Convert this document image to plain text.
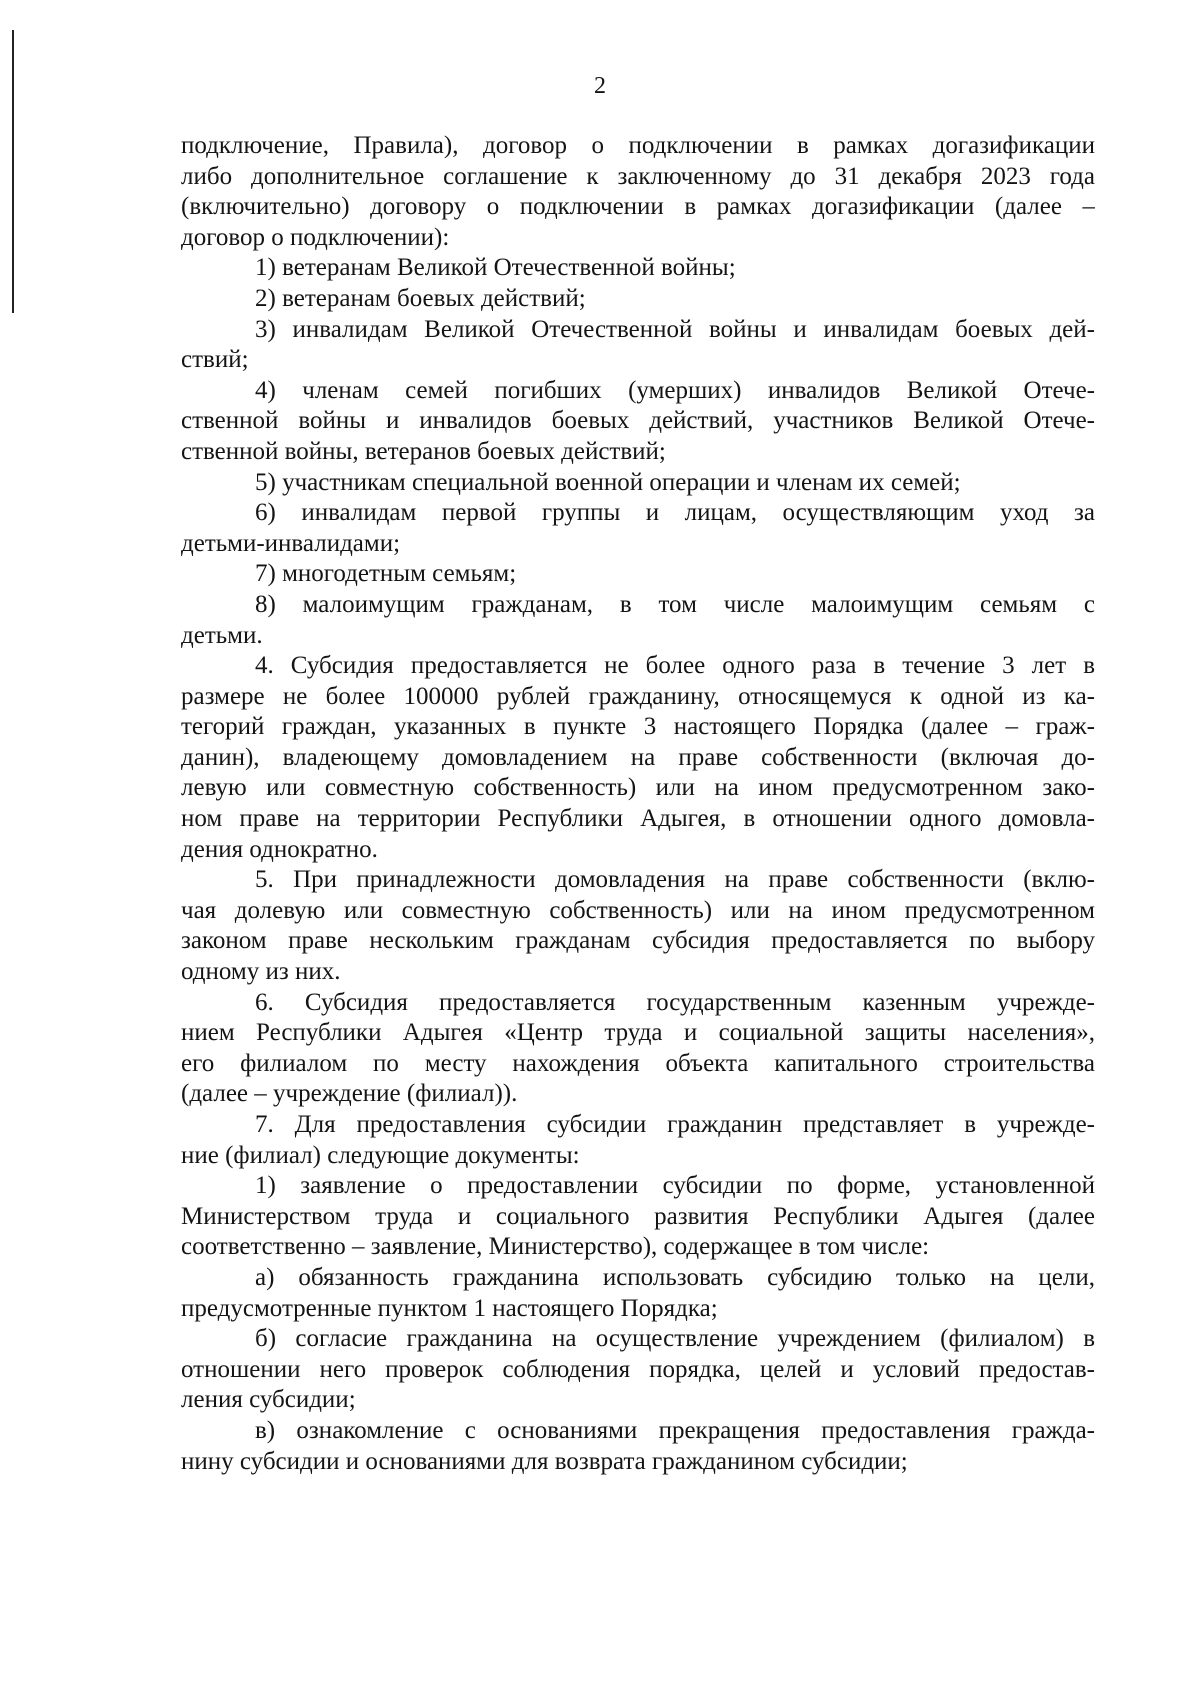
2
подключение, Правила), договор о подключении в рамках догазификации
либо дополнительное соглашение к заключенному до 31 декабря 2023 года
(включительно) договору о подключении в рамках догазификации (далее –
договор о подключении):
1) ветеранам Великой Отечественной войны;
2) ветеранам боевых действий;
3) инвалидам Великой Отечественной войны и инвалидам боевых дей-
ствий;
4) членам семей погибших (умерших) инвалидов Великой Отече-
ственной войны и инвалидов боевых действий, участников Великой Отече-
ственной войны, ветеранов боевых действий;
5) участникам специальной военной операции и членам их семей;
6) инвалидам первой группы и лицам, осуществляющим уход за
детьми-инвалидами;
7) многодетным семьям;
8) малоимущим гражданам, в том числе малоимущим семьям с
детьми.
4. Субсидия предоставляется не более одного раза в течение 3 лет в
размере не более 100000 рублей гражданину, относящемуся к одной из ка-
тегорий граждан, указанных в пункте 3 настоящего Порядка (далее – граж-
данин), владеющему домовладением на праве собственности (включая до-
левую или совместную собственность) или на ином предусмотренном зако-
ном праве на территории Республики Адыгея, в отношении одного домовла-
дения однократно.
5. При принадлежности домовладения на праве собственности (вклю-
чая долевую или совместную собственность) или на ином предусмотренном
законом праве нескольким гражданам субсидия предоставляется по выбору
одному из них.
6. Субсидия предоставляется государственным казенным учрежде-
нием Республики Адыгея «Центр труда и социальной защиты населения»,
его филиалом по месту нахождения объекта капитального строительства
(далее – учреждение (филиал)).
7. Для предоставления субсидии гражданин представляет в учрежде-
ние (филиал) следующие документы:
1) заявление о предоставлении субсидии по форме, установленной
Министерством труда и социального развития Республики Адыгея (далее
соответственно – заявление, Министерство), содержащее в том числе:
а) обязанность гражданина использовать субсидию только на цели,
предусмотренные пунктом 1 настоящего Порядка;
б) согласие гражданина на осуществление учреждением (филиалом) в
отношении него проверок соблюдения порядка, целей и условий предостав-
ления субсидии;
в) ознакомление с основаниями прекращения предоставления гражда-
нину субсидии и основаниями для возврата гражданином субсидии;
